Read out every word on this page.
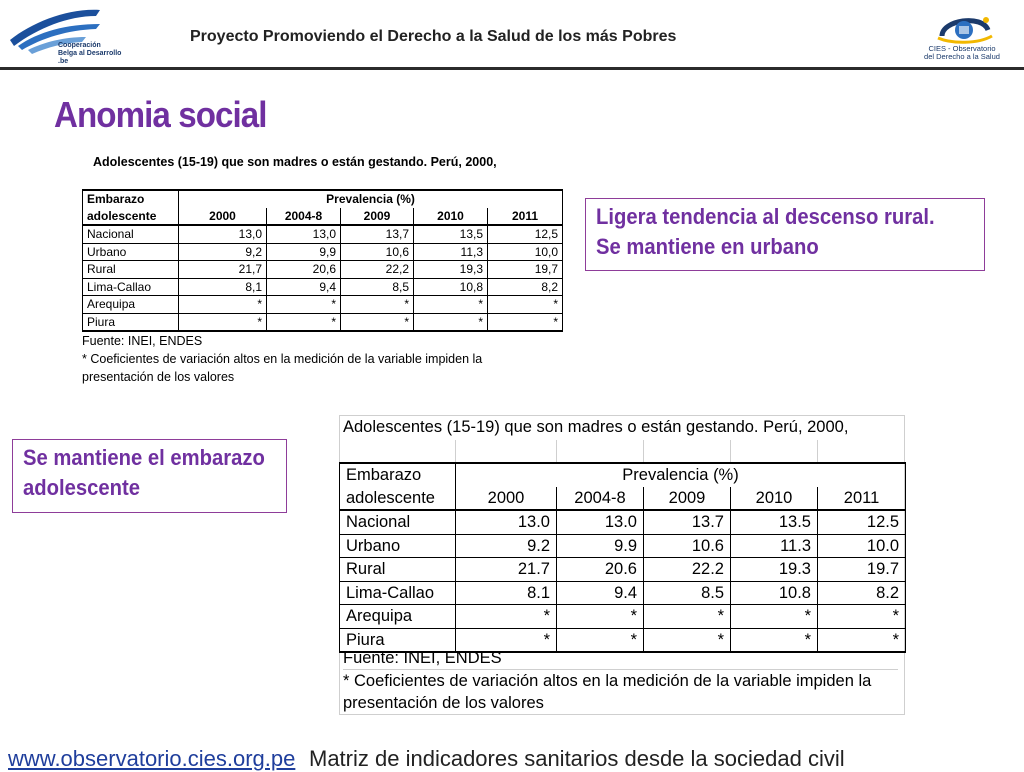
Cooperación
Belga al Desarrollo
.be
Proyecto Promoviendo el Derecho a la Salud de los más Pobres
CIES - Observatorio
del Derecho a la Salud
Anomia social
Adolescentes (15-19) que son madres o están gestando. Perú, 2000,
Embarazo	Prevalencia (%)				
adolescente	2000	2004-8	2009	2010	2011
Nacional	13,0	13,0	13,7	13,5	12,5
Urbano	9,2	9,9	10,6	11,3	10,0
Rural	21,7	20,6	22,2	19,3	19,7
Lima-Callao	8,1	9,4	8,5	10,8	8,2
Arequipa	*	*	*	*	*
Piura	*	*	*	*	*
Fuente: INEI, ENDES
* Coeficientes de variación altos en la medición de la variable impiden la presentación de los valores
Ligera tendencia al descenso rural.
Se mantiene en urbano
Se mantiene el embarazo
adolescente
Adolescentes (15-19) que son madres o están gestando. Perú, 2000,
Embarazo	Prevalencia (%)				
adolescente	2000	2004-8	2009	2010	2011
Nacional	13.0	13.0	13.7	13.5	12.5
Urbano	9.2	9.9	10.6	11.3	10.0
Rural	21.7	20.6	22.2	19.3	19.7
Lima-Callao	8.1	9.4	8.5	10.8	8.2
Arequipa	*	*	*	*	*
Piura	*	*	*	*	*
Fuente: INEI, ENDES
* Coeficientes de variación altos en la medición de la variable impiden la presentación de los valores
www.observatorio.cies.org.pe Matriz de indicadores sanitarios desde la sociedad civil
